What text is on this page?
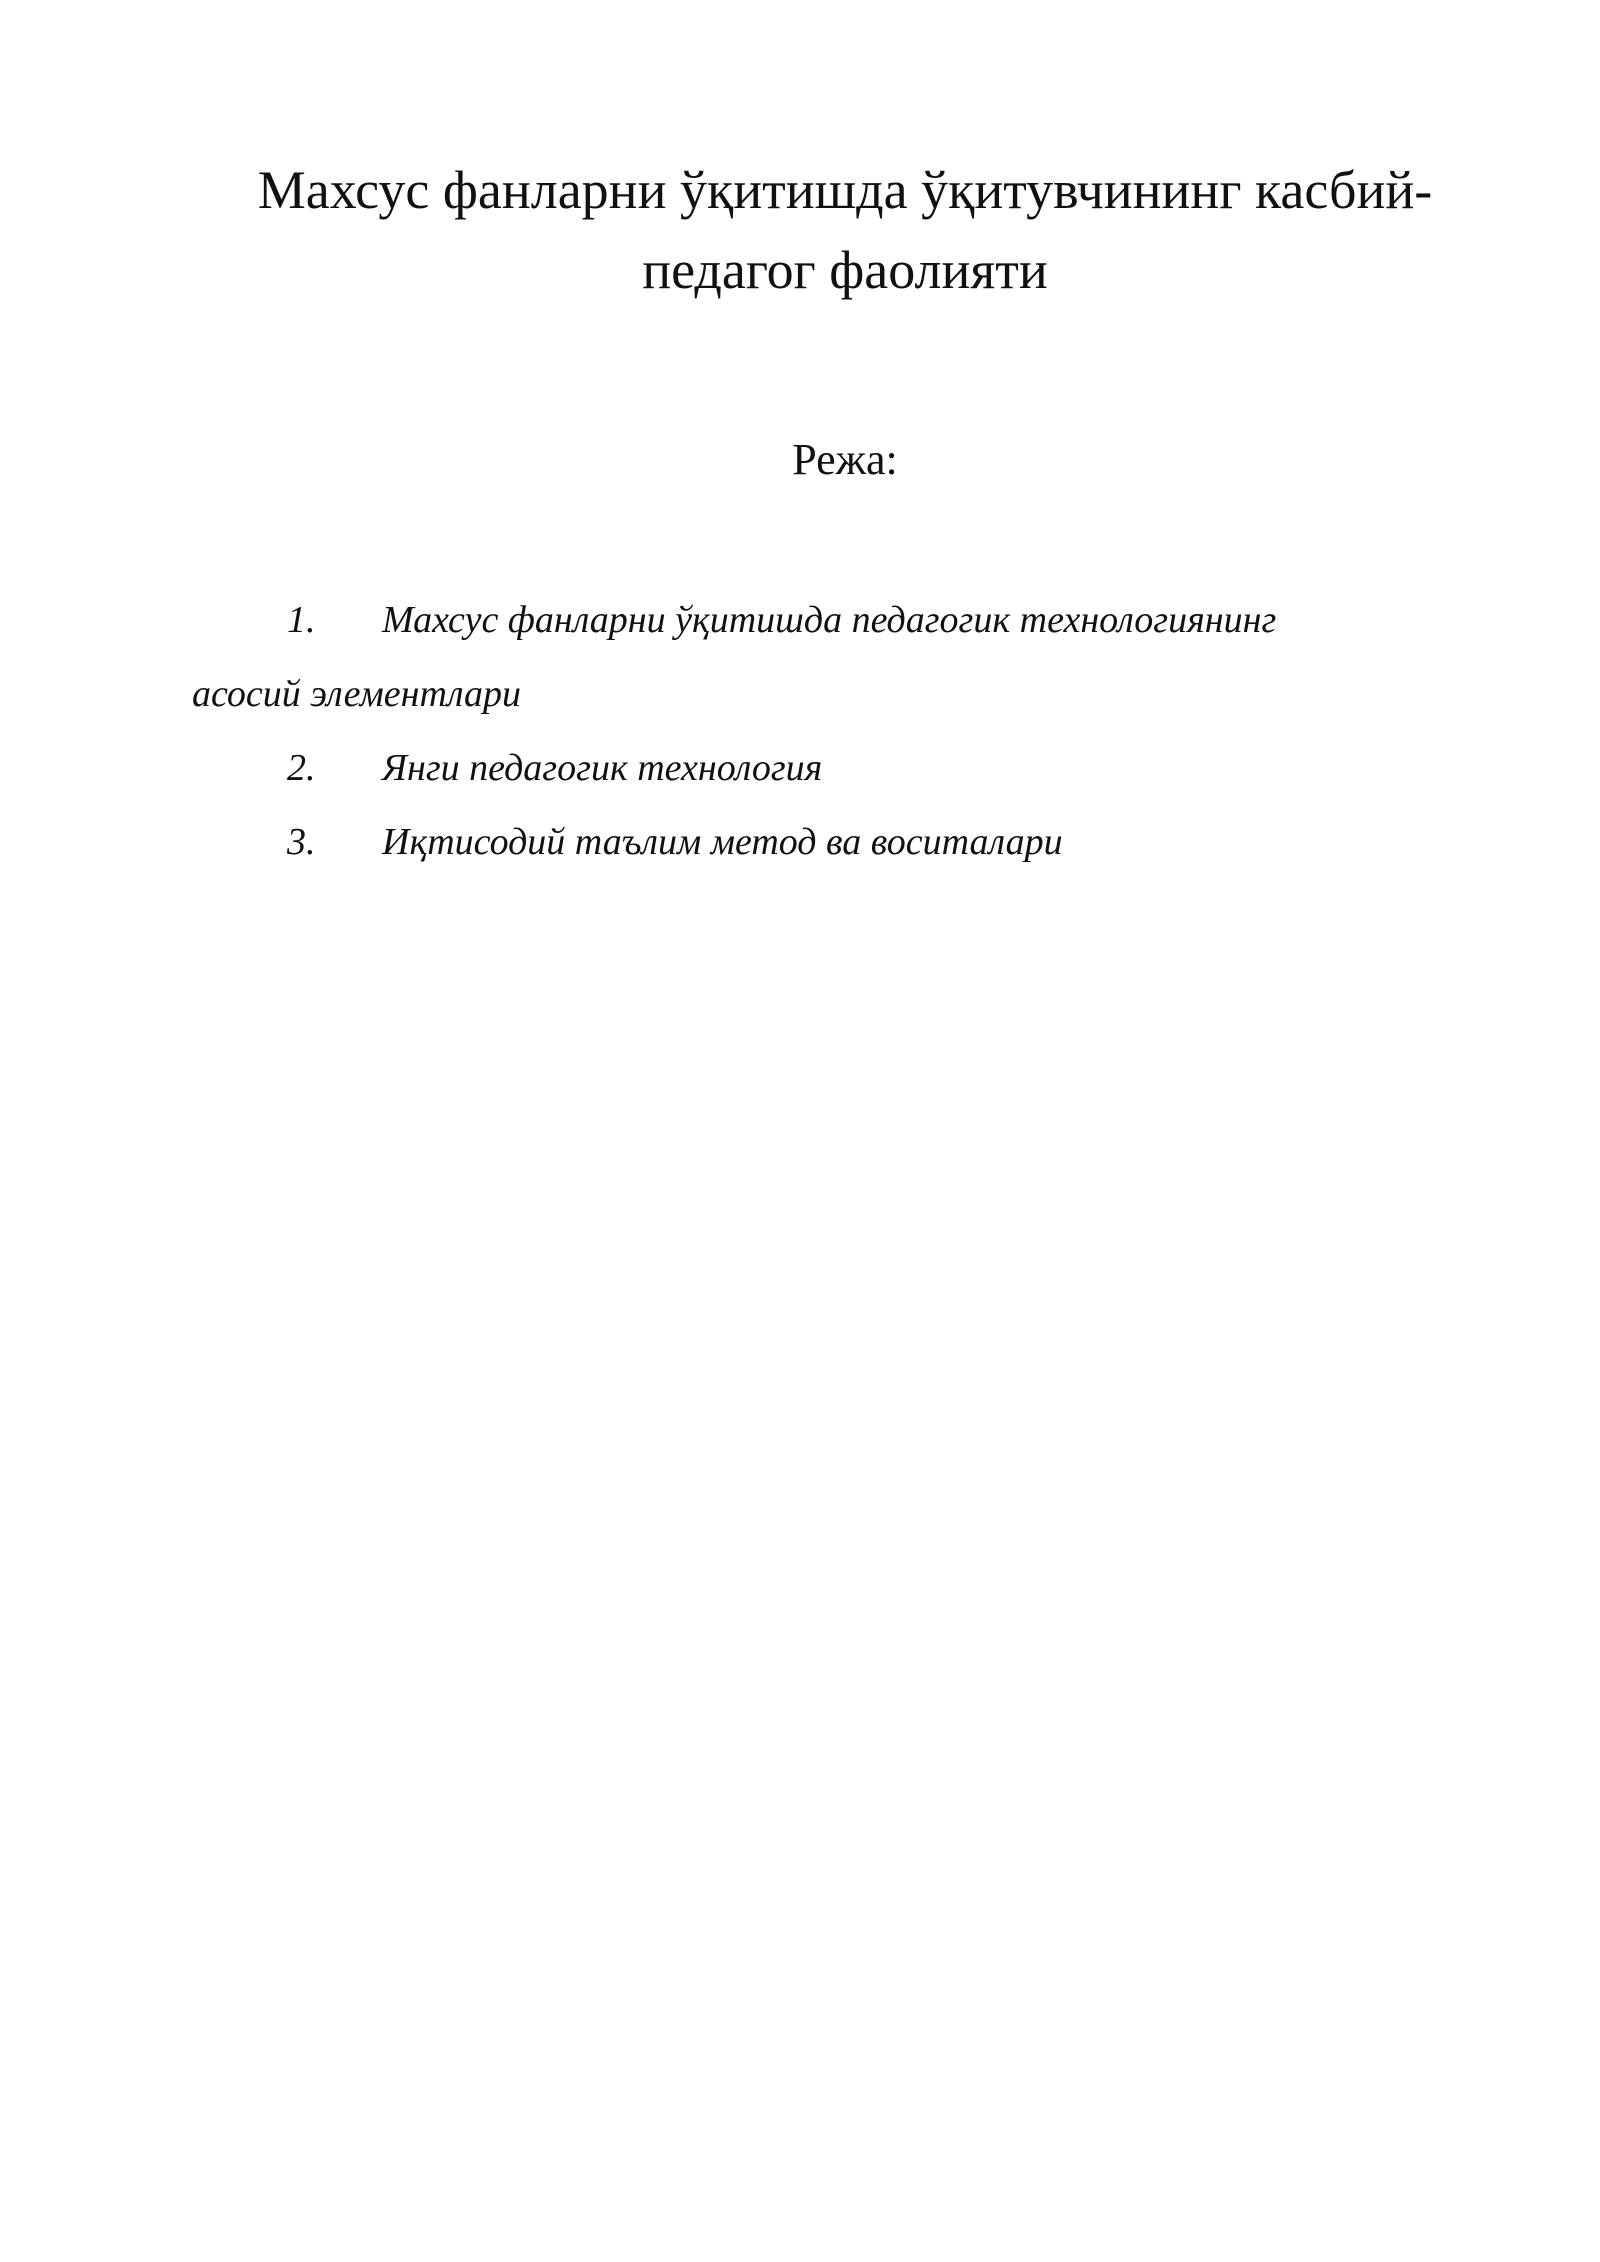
Махсус фанларни ўқитишда ўқитувчининг касбий-
педагог фаолияти
Режа:
1.	Махсус фанларни ўқитишда педагогик технологиянинг
асосий элементлари
2.	Янги педагогик технология
3.	Иқтисодий таълим метод ва воситалари
